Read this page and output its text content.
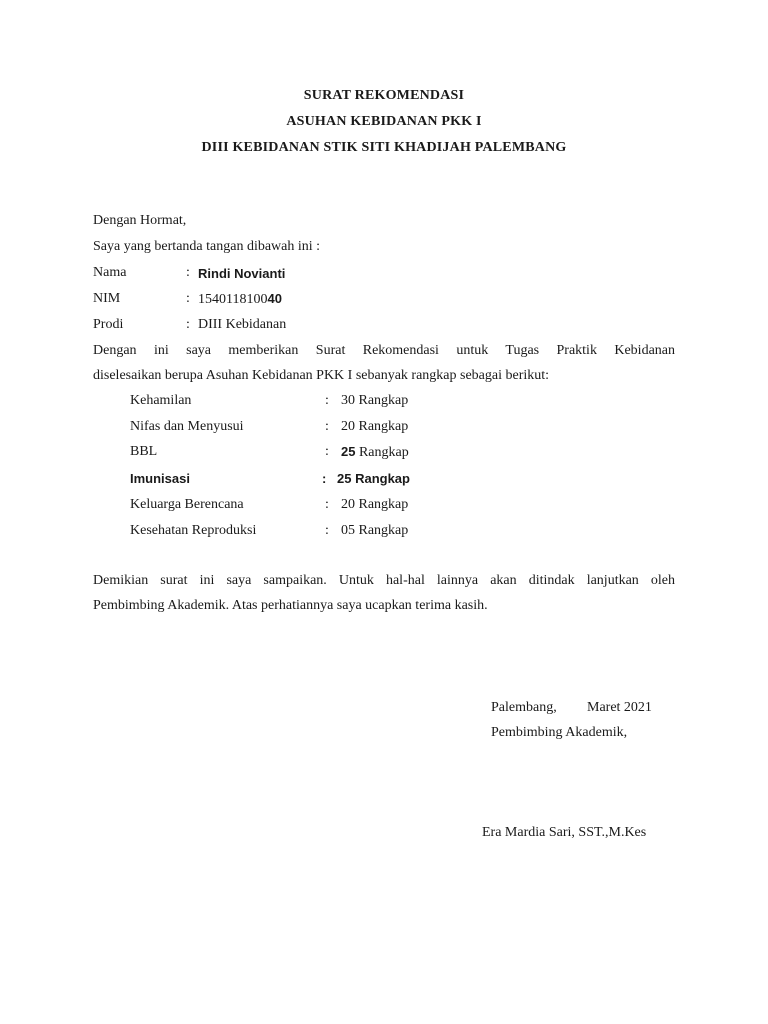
SURAT REKOMENDASI
ASUHAN KEBIDANAN PKK I
DIII KEBIDANAN STIK SITI KHADIJAH PALEMBANG
Dengan Hormat,
Saya yang bertanda tangan dibawah ini :
Nama	: Rindi Novianti
NIM	: 154011810040
Prodi	: DIII Kebidanan
Dengan ini saya memberikan Surat Rekomendasi untuk Tugas Praktik Kebidanan
diselesaikan berupa Asuhan Kebidanan PKK I sebanyak rangkap sebagai berikut:
Kehamilan	: 30 Rangkap
Nifas dan Menyusui	: 20 Rangkap
BBL	: 25 Rangkap
Imunisasi	: 25 Rangkap
Keluarga Berencana	: 20 Rangkap
Kesehatan Reproduksi	: 05 Rangkap
Demikian surat ini saya sampaikan. Untuk hal-hal lainnya akan ditindak lanjutkan oleh
Pembimbing Akademik. Atas perhatiannya saya ucapkan terima kasih.
Palembang, Maret 2021
Pembimbing Akademik,
Era Mardia Sari, SST.,M.Kes
